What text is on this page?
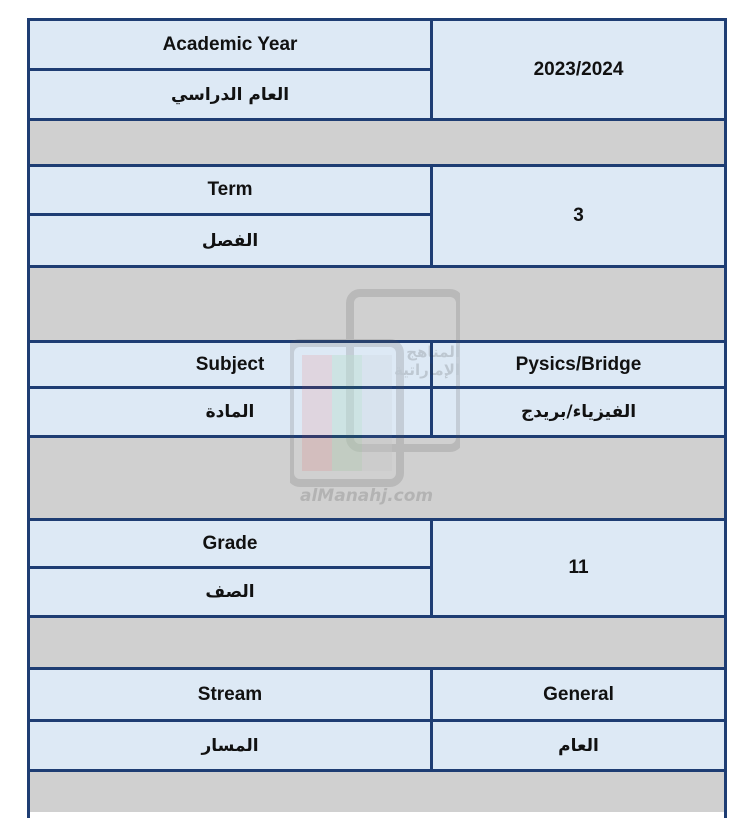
Academic Year
العام الدراسي
2023/2024
Term
الفصل
3
Subject
المادة
Pysics/Bridge
الفيزياء/بريدج
Grade
الصف
11
Stream
المسار
General
العام
